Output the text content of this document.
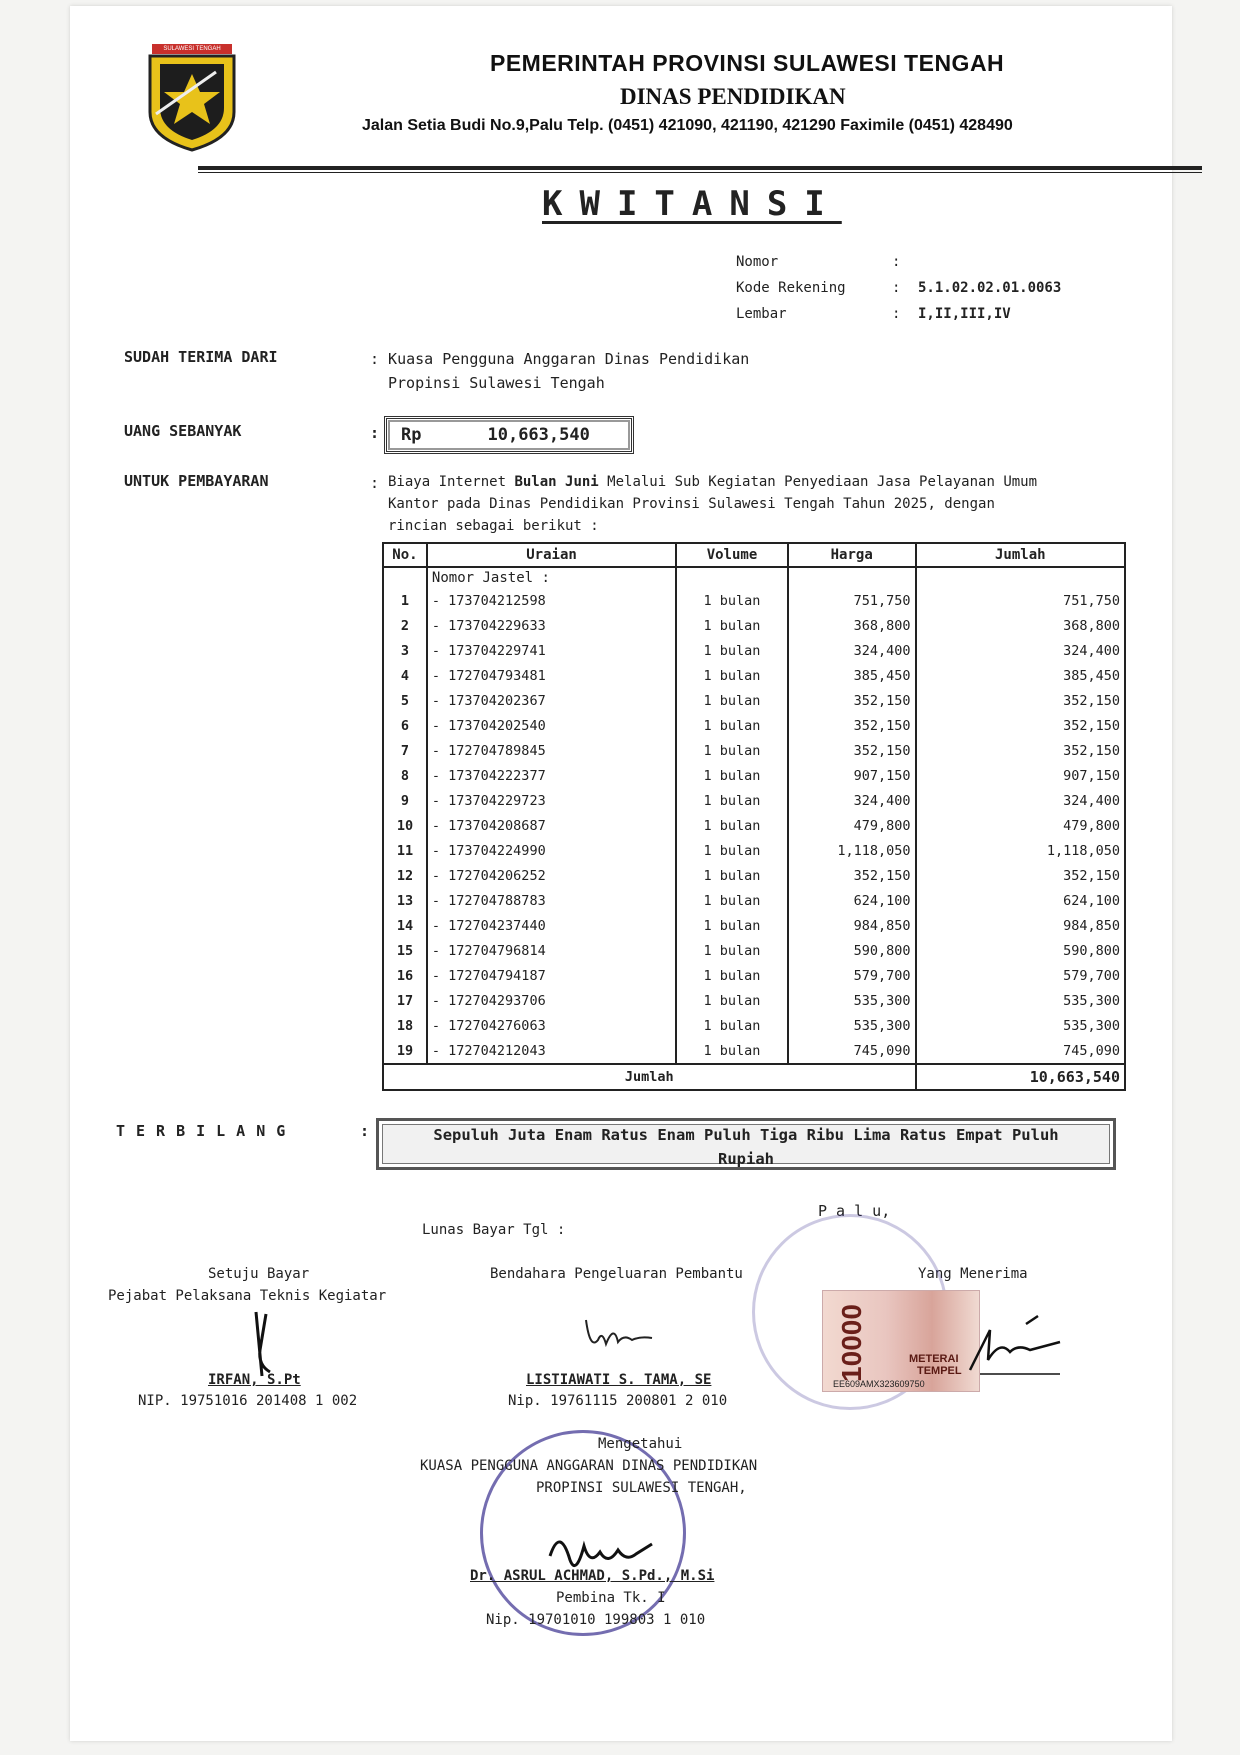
SULAWESI TENGAH
PEMERINTAH PROVINSI SULAWESI TENGAH
DINAS PENDIDIKAN
Jalan Setia Budi No.9,Palu Telp. (0451) 421090, 421190, 421290 Faximile (0451) 428490
KWITANSI
Nomor	:
Kode Rekening	: 5.1.02.02.01.0063
Lembar	: I,II,III,IV
SUDAH TERIMA DARI	: Kuasa Pengguna Anggaran Dinas Pendidikan
Propinsi Sulawesi Tengah
UANG SEBANYAK	: Rp	10,663,540
UNTUK PEMBAYARAN	: Biaya Internet Bulan Juni Melalui Sub Kegiatan Penyediaan Jasa Pelayanan Umum
Kantor pada Dinas Pendidikan Provinsi Sulawesi Tengah Tahun 2025, dengan
rincian sebagai berikut :
No.	Uraian	Volume	Harga	Jumlah
	Nomor Jastel :			
1	- 173704212598	1 bulan	751,750	751,750
2	- 173704229633	1 bulan	368,800	368,800
3	- 173704229741	1 bulan	324,400	324,400
4	- 172704793481	1 bulan	385,450	385,450
5	- 173704202367	1 bulan	352,150	352,150
6	- 173704202540	1 bulan	352,150	352,150
7	- 172704789845	1 bulan	352,150	352,150
8	- 173704222377	1 bulan	907,150	907,150
9	- 173704229723	1 bulan	324,400	324,400
10	- 173704208687	1 bulan	479,800	479,800
11	- 173704224990	1 bulan	1,118,050	1,118,050
12	- 172704206252	1 bulan	352,150	352,150
13	- 172704788783	1 bulan	624,100	624,100
14	- 172704237440	1 bulan	984,850	984,850
15	- 172704796814	1 bulan	590,800	590,800
16	- 172704794187	1 bulan	579,700	579,700
17	- 172704293706	1 bulan	535,300	535,300
18	- 172704276063	1 bulan	535,300	535,300
19	- 172704212043	1 bulan	745,090	745,090
Jumlah				10,663,540
TERBILANG	:	Sepuluh Juta Enam Ratus Enam Puluh Tiga Ribu Lima Ratus Empat Puluh
Rupiah
P a l u,
Lunas Bayar Tgl :
Setuju Bayar
Pejabat Pelaksana Teknis Kegiatar
IRFAN, S.Pt
NIP. 19751016 201408 1 002
Bendahara Pengeluaran Pembantu
LISTIAWATI S. TAMA, SE
Nip. 19761115 200801 2 010
Yang Menerima
10000	METERAI
TEMPEL
EE609AMX323609750
Mengetahui
KUASA PENGGUNA ANGGARAN DINAS PENDIDIKAN
PROPINSI SULAWESI TENGAH,
Dr. ASRUL ACHMAD, S.Pd., M.Si
Pembina Tk. I
Nip. 19701010 199803 1 010
